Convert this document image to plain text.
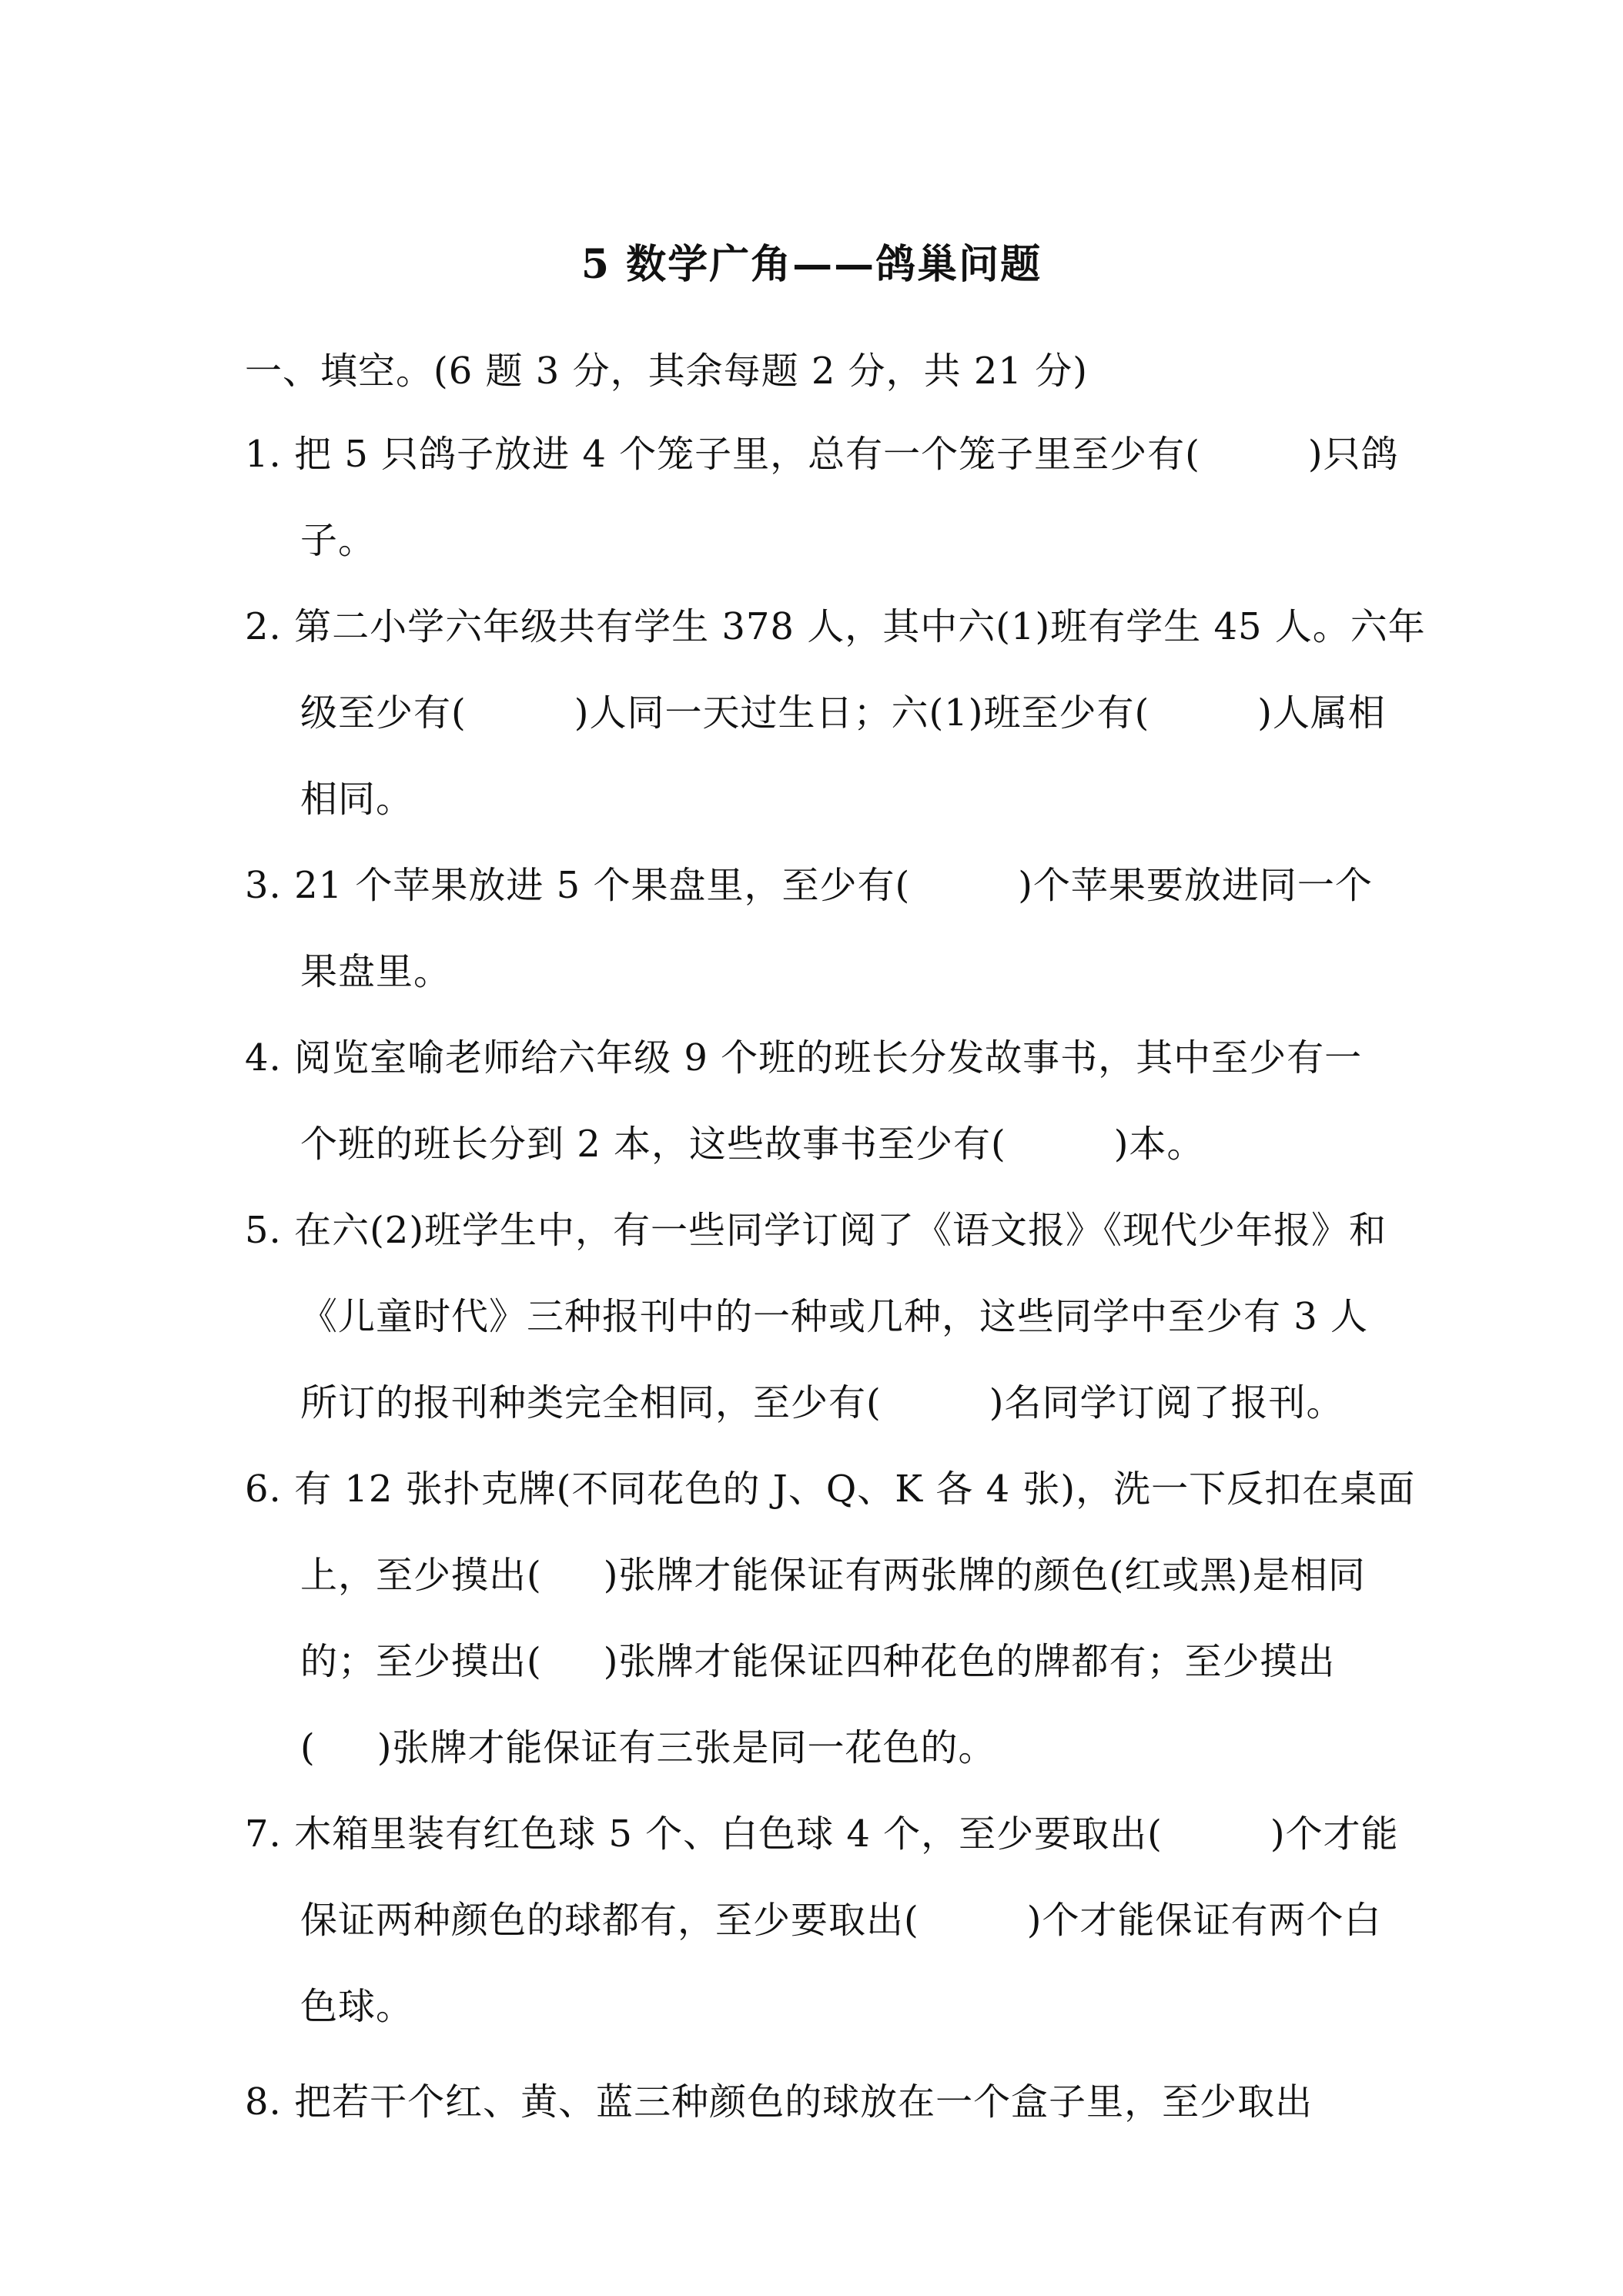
5 数学广角——鸽巢问题
一、填空。(6 题 3 分，其余每题 2 分，共 21 分)
1. 把 5 只鸽子放进 4 个笼子里，总有一个笼子里至少有(	)只鸽
子。
2. 第二小学六年级共有学生 378 人，其中六(1)班有学生 45 人。六年
级至少有(	)人同一天过生日；六(1)班至少有(	)人属相
相同。
3. 21 个苹果放进 5 个果盘里，至少有(	)个苹果要放进同一个
果盘里。
4. 阅览室喻老师给六年级 9 个班的班长分发故事书，其中至少有一
个班的班长分到 2 本，这些故事书至少有(	)本。
5. 在六(2)班学生中，有一些同学订阅了《语文报》《现代少年报》和
《儿童时代》三种报刊中的一种或几种，这些同学中至少有 3 人
所订的报刊种类完全相同，至少有(	)名同学订阅了报刊。
6. 有 12 张扑克牌(不同花色的 J、Q、K 各 4 张)，洗一下反扣在桌面
上，至少摸出( )张牌才能保证有两张牌的颜色(红或黑)是相同
的；至少摸出( )张牌才能保证四种花色的牌都有；至少摸出
( )张牌才能保证有三张是同一花色的。
7. 木箱里装有红色球 5 个、白色球 4 个，至少要取出(	)个才能
保证两种颜色的球都有，至少要取出(	)个才能保证有两个白
色球。
8. 把若干个红、黄、蓝三种颜色的球放在一个盒子里，至少取出
